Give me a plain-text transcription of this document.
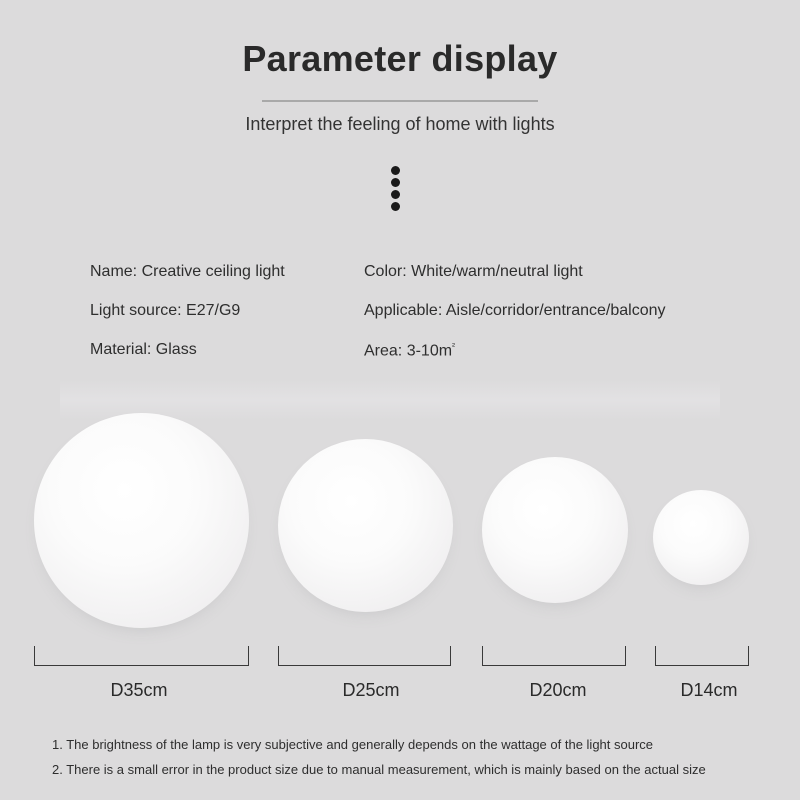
Parameter display
Interpret the feeling of home with lights
Name: Creative ceiling light
Light source: E27/G9
Material: Glass
Color: White/warm/neutral light
Applicable: Aisle/corridor/entrance/balcony
Area: $3-10m^{^2}$
D35cm	D25cm	D20cm	D14cm
1. The brightness of the lamp is very subjective and generally depends on the wattage of the light source
2. There is a small error in the product size due to manual measurement, which is mainly based on the actual size
